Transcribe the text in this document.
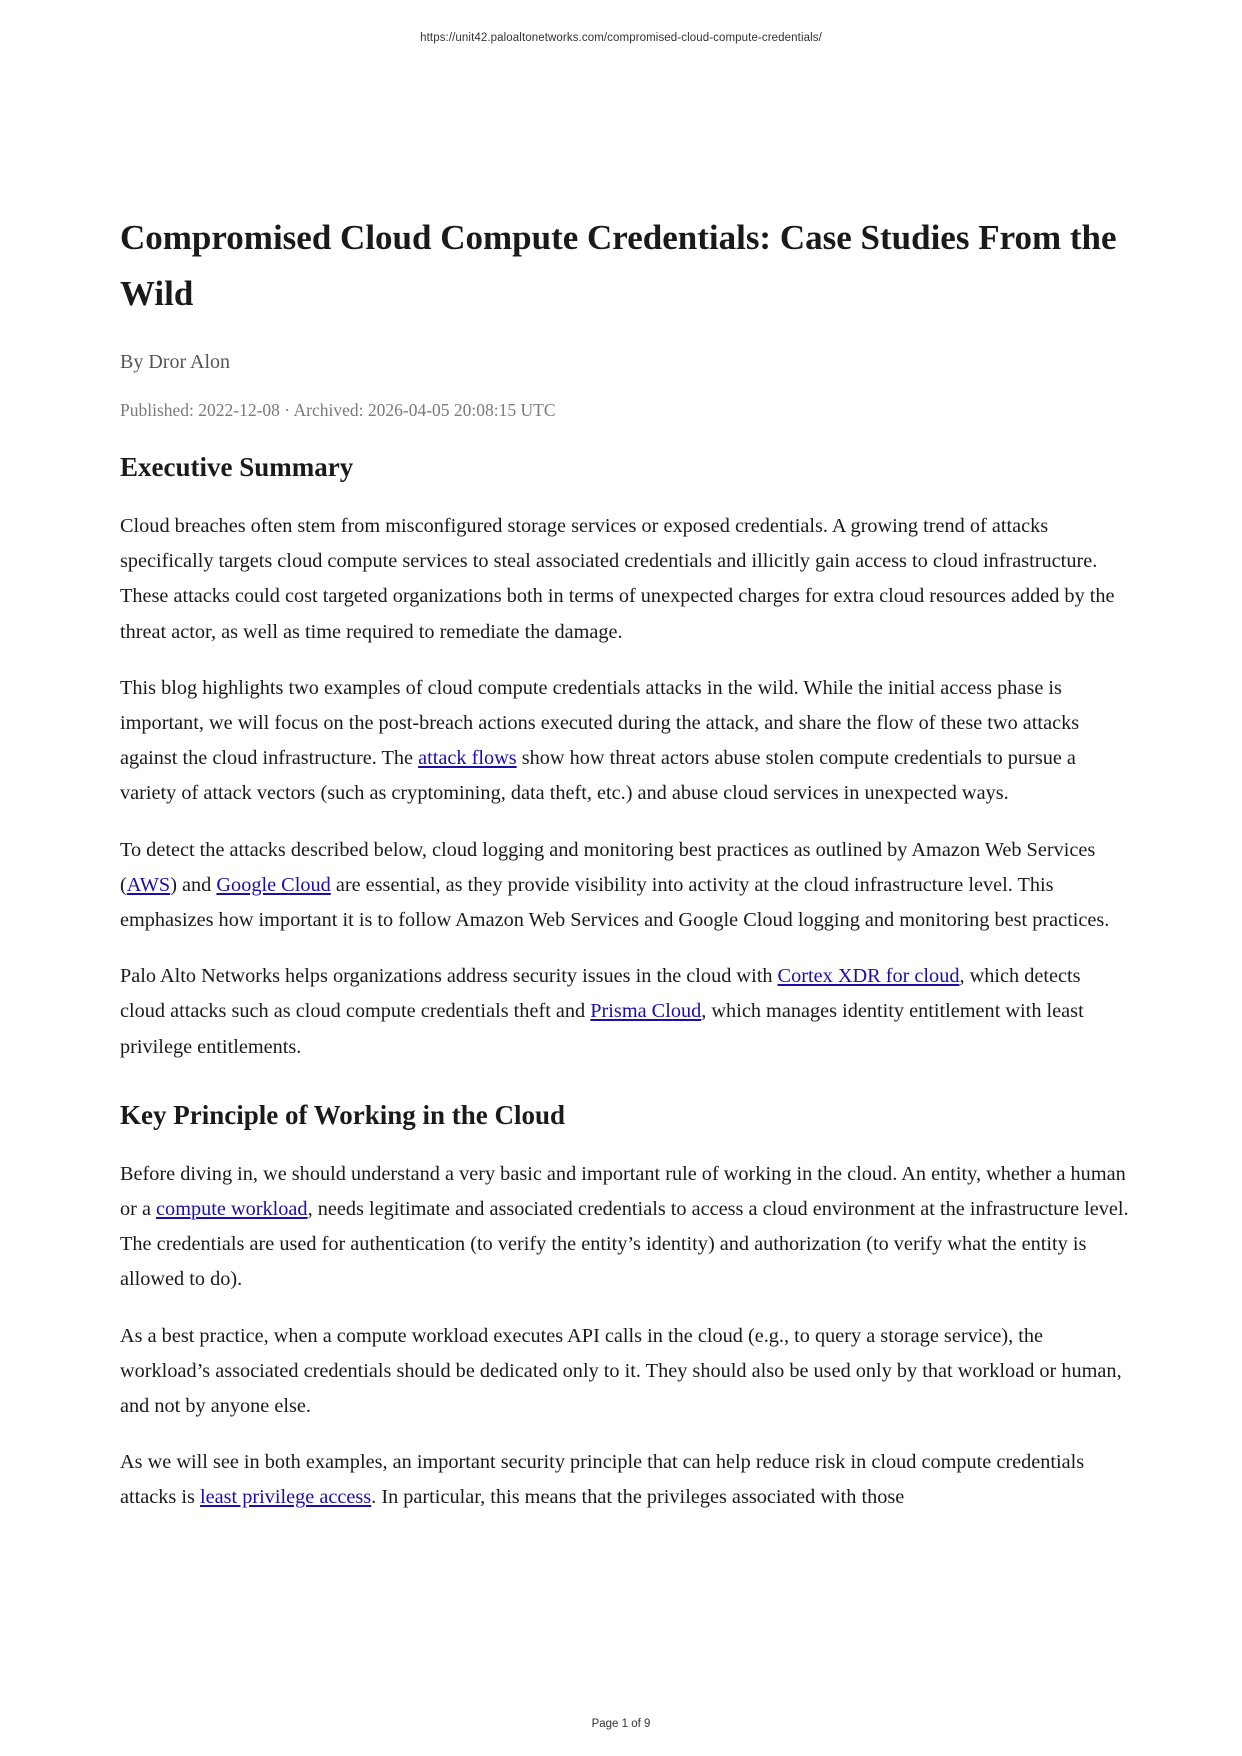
https://unit42.paloaltonetworks.com/compromised-cloud-compute-credentials/
Compromised Cloud Compute Credentials: Case Studies From the Wild
By Dror Alon
Published: 2022-12-08 · Archived: 2026-04-05 20:08:15 UTC
Executive Summary

Cloud breaches often stem from misconfigured storage services or exposed credentials. A growing trend of attacks specifically targets cloud compute services to steal associated credentials and illicitly gain access to cloud infrastructure. These attacks could cost targeted organizations both in terms of unexpected charges for extra cloud resources added by the threat actor, as well as time required to remediate the damage.

This blog highlights two examples of cloud compute credentials attacks in the wild. While the initial access phase is important, we will focus on the post-breach actions executed during the attack, and share the flow of these two attacks against the cloud infrastructure. The attack flows show how threat actors abuse stolen compute credentials to pursue a variety of attack vectors (such as cryptomining, data theft, etc.) and abuse cloud services in unexpected ways.

To detect the attacks described below, cloud logging and monitoring best practices as outlined by Amazon Web Services (AWS) and Google Cloud are essential, as they provide visibility into activity at the cloud infrastructure level. This emphasizes how important it is to follow Amazon Web Services and Google Cloud logging and monitoring best practices.

Palo Alto Networks helps organizations address security issues in the cloud with Cortex XDR for cloud, which detects cloud attacks such as cloud compute credentials theft and Prisma Cloud, which manages identity entitlement with least privilege entitlements.

Key Principle of Working in the Cloud

Before diving in, we should understand a very basic and important rule of working in the cloud. An entity, whether a human or a compute workload, needs legitimate and associated credentials to access a cloud environment at the infrastructure level. The credentials are used for authentication (to verify the entity’s identity) and authorization (to verify what the entity is allowed to do).

As a best practice, when a compute workload executes API calls in the cloud (e.g., to query a storage service), the workload’s associated credentials should be dedicated only to it. They should also be used only by that workload or human, and not by anyone else.

As we will see in both examples, an important security principle that can help reduce risk in cloud compute credentials attacks is least privilege access. In particular, this means that the privileges associated with those

Page 1 of 9
